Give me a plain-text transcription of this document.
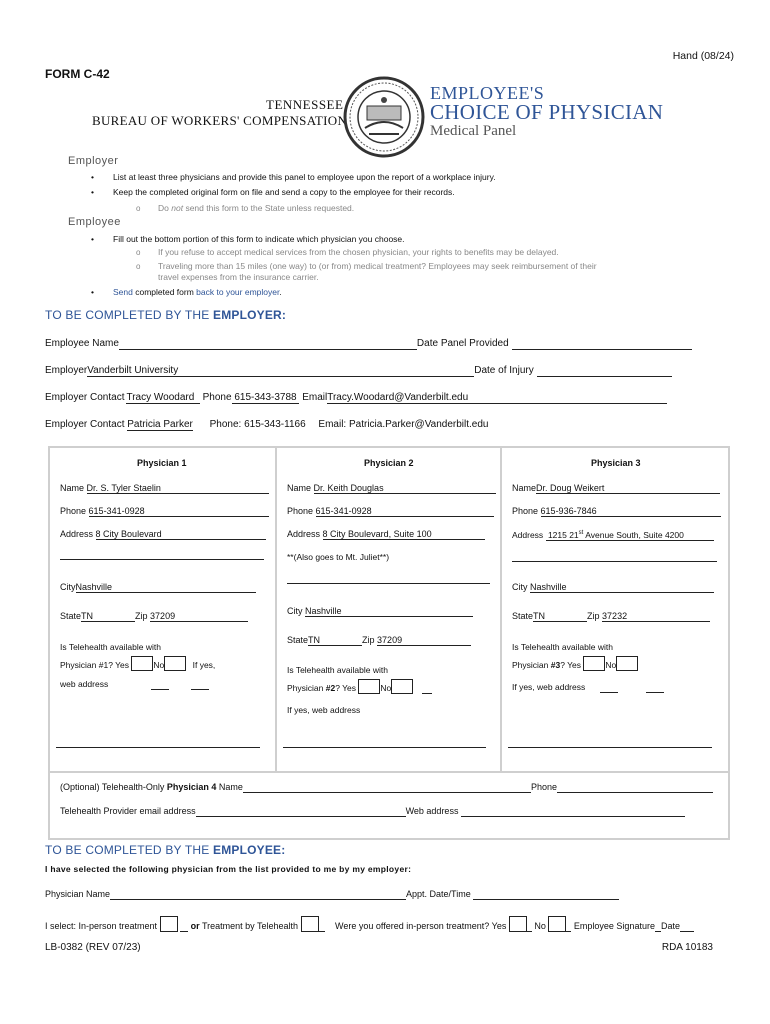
Hand (08/24)
FORM C-42
TENNESSEE
BUREAU OF WORKERS' COMPENSATION
EMPLOYEE'S
CHOICE OF PHYSICIAN
Medical Panel
Employer
• List at least three physicians and provide this panel to employee upon the report of a workplace injury.
• Keep the completed original form on file and send a copy to the employee for their records.
o Do not send this form to the State unless requested.
Employee
• Fill out the bottom portion of this form to indicate which physician you choose.
o If you refuse to accept medical services from the chosen physician, your rights to benefits may be delayed.
o Traveling more than 15 miles (one way) to (or from) medical treatment? Employees may seek reimbursement of their
travel expenses from the insurance carrier.
• Send completed form back to your employer.
TO BE COMPLETED BY THE EMPLOYER:
Employee Name	Date Panel Provided
EmployerVanderbilt University	Date of Injury
Employer Contact Tracy Woodard Phone 615-343-3788 EmailTracy.Woodard@Vanderbilt.edu
Employer Contact Patricia Parker Phone: 615-343-1166 Email: Patricia.Parker@Vanderbilt.edu
Physician 1
Name Dr. S. Tyler Staelin
Phone 615-341-0928
Address 8 City Boulevard
CityNashville
StateTN	Zip 37209
Is Telehealth available with
Physician #1? Yes	No	If yes,
web address
Physician 2
Name Dr. Keith Douglas
Phone 615-341-0928
Address 8 City Boulevard, Suite 100
**(Also goes to Mt. Juliet**)
City Nashville
StateTN	Zip 37209
Is Telehealth available with
Physician #2? Yes	No
If yes, web address
Physician 3
NameDr. Doug Weikert
Phone 615-936-7846
Address 1215 21st Avenue South, Suite 4200
City Nashville
StateTN	Zip 37232
Is Telehealth available with
Physician #3? Yes	No
If yes, web address
(Optional) Telehealth-Only Physician 4 Name	Phone
Telehealth Provider email address	Web address
TO BE COMPLETED BY THE EMPLOYEE:
I have selected the following physician from the list provided to me by my employer:
Physician Name	Appt. Date/Time
I select: In-person treatment	or Treatment by Telehealth	Were you offered in-person treatment? Yes	No	Employee Signature Date
LB-0382 (REV 07/23)	RDA 10183
